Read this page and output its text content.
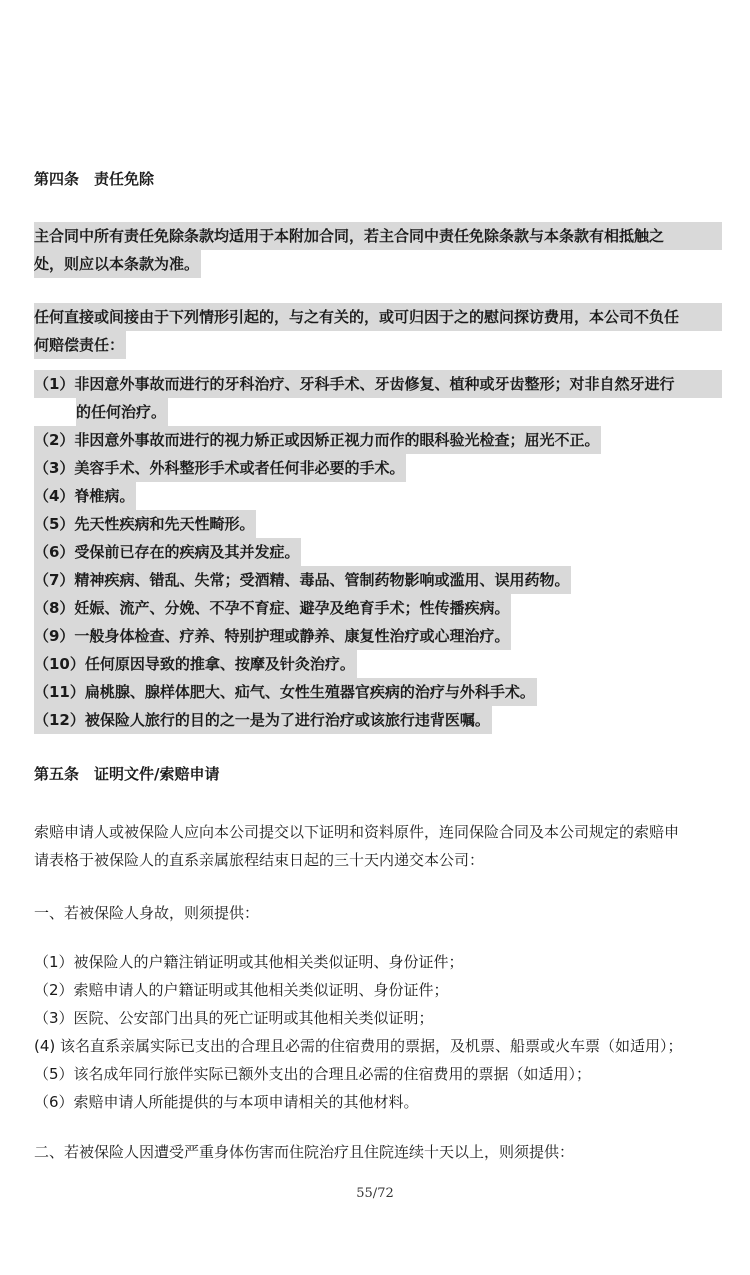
第四条　责任免除
主合同中所有责任免除条款均适用于本附加合同，若主合同中责任免除条款与本条款有相抵触之
处，则应以本条款为准。
任何直接或间接由于下列情形引起的，与之有关的，或可归因于之的慰问探访费用，本公司不负任
何赔偿责任：
（1）非因意外事故而进行的牙科治疗、牙科手术、牙齿修复、植种或牙齿整形；对非自然牙进行
的任何治疗。
（2）非因意外事故而进行的视力矫正或因矫正视力而作的眼科验光检查；屈光不正。
（3）美容手术、外科整形手术或者任何非必要的手术。
（4）脊椎病。
（5）先天性疾病和先天性畸形。
（6）受保前已存在的疾病及其并发症。
（7）精神疾病、错乱、失常；受酒精、毒品、管制药物影响或滥用、误用药物。
（8）妊娠、流产、分娩、不孕不育症、避孕及绝育手术；性传播疾病。
（9）一般身体检查、疗养、特别护理或静养、康复性治疗或心理治疗。
（10）任何原因导致的推拿、按摩及针灸治疗。
（11）扁桃腺、腺样体肥大、疝气、女性生殖器官疾病的治疗与外科手术。
（12）被保险人旅行的目的之一是为了进行治疗或该旅行违背医嘱。
第五条　证明文件/索赔申请
索赔申请人或被保险人应向本公司提交以下证明和资料原件，连同保险合同及本公司规定的索赔申
请表格于被保险人的直系亲属旅程结束日起的三十天内递交本公司：
一、若被保险人身故，则须提供：
（1）被保险人的户籍注销证明或其他相关类似证明、身份证件；
（2）索赔申请人的户籍证明或其他相关类似证明、身份证件；
（3）医院、公安部门出具的死亡证明或其他相关类似证明；
(4) 该名直系亲属实际已支出的合理且必需的住宿费用的票据，及机票、船票或火车票（如适用）；
（5）该名成年同行旅伴实际已额外支出的合理且必需的住宿费用的票据（如适用）；
（6）索赔申请人所能提供的与本项申请相关的其他材料。
二、若被保险人因遭受严重身体伤害而住院治疗且住院连续十天以上，则须提供：
55/72
